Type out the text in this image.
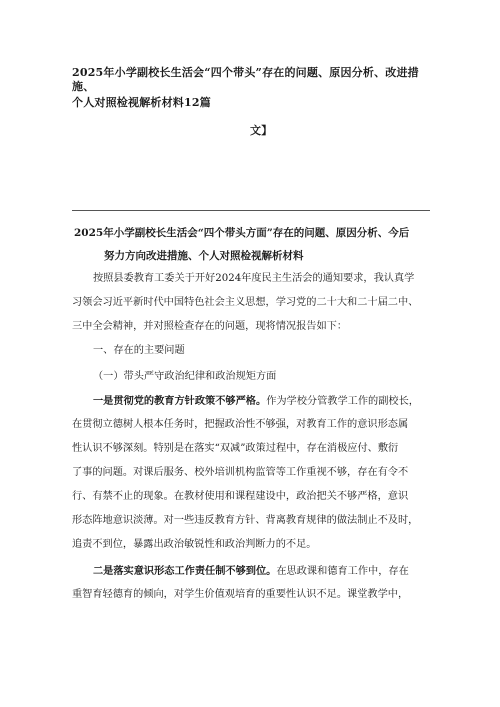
2025年小学副校长生活会“四个带头”存在的问题、原因分析、改进措施、
个人对照检视解析材料12篇
文】
2025年小学副校长生活会“四个带头方面”存在的问题、原因分析、今后
努力方向改进措施、个人对照检视解析材料
按照县委教育工委关于开好2024年度民主生活会的通知要求，我认真学
习领会习近平新时代中国特色社会主义思想，学习党的二十大和二十届二中、
三中全会精神，并对照检查存在的问题，现将情况报告如下：
一、存在的主要问题
（一）带头严守政治纪律和政治规矩方面
一是贯彻党的教育方针政策不够严格。作为学校分管教学工作的副校长，
在贯彻立德树人根本任务时，把握政治性不够强，对教育工作的意识形态属
性认识不够深刻。特别是在落实“双减”政策过程中，存在消极应付、敷衍
了事的问题。对课后服务、校外培训机构监管等工作重视不够，存在有令不
行、有禁不止的现象。在教材使用和课程建设中，政治把关不够严格，意识
形态阵地意识淡薄。对一些违反教育方针、背离教育规律的做法制止不及时，
追责不到位，暴露出政治敏锐性和政治判断力的不足。
二是落实意识形态工作责任制不够到位。在思政课和德育工作中，存在
重智育轻德育的倾向，对学生价值观培育的重要性认识不足。课堂教学中，
